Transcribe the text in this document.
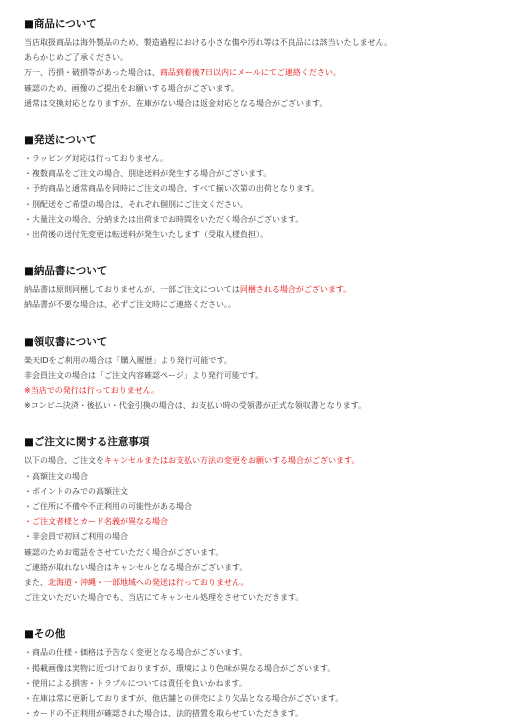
■商品について

当店取扱商品は海外製品のため、製造過程における小さな傷や汚れ等は不良品には該当いたしません。

あらかじめご了承ください。

万一、汚損・破損等があった場合は、商品到着後7日以内にメールにてご連絡ください。

確認のため、画像のご提出をお願いする場合がございます。

通常は交換対応となりますが、在庫がない場合は返金対応となる場合がございます。

■発送について

・ラッピング対応は行っておりません。

・複数商品をご注文の場合、別途送料が発生する場合がございます。

・予約商品と通常商品を同時にご注文の場合、すべて揃い次第の出荷となります。

・別配送をご希望の場合は、それぞれ個別にご注文ください。

・大量注文の場合、分納または出荷までお時間をいただく場合がございます。

・出荷後の送付先変更は転送料が発生いたします（受取人様負担）。

■納品書について

納品書は原則同梱しておりませんが、一部ご注文については同梱される場合がございます。

納品書が不要な場合は、必ずご注文時にご連絡ください。。

■領収書について

楽天IDをご利用の場合は「購入履歴」より発行可能です。

非会員注文の場合は「ご注文内容確認ページ」より発行可能です。

※当店での発行は行っておりません。

※コンビニ決済・後払い・代金引換の場合は、お支払い時の受領書が正式な領収書となります。

■ご注文に関する注意事項

以下の場合、ご注文をキャンセルまたはお支払い方法の変更をお願いする場合がございます。

・高額注文の場合

・ポイントのみでの高額注文

・ご住所に不備や不正利用の可能性がある場合

・ご注文者様とカード名義が異なる場合

・非会員で初回ご利用の場合

確認のためお電話をさせていただく場合がございます。

ご連絡が取れない場合はキャンセルとなる場合がございます。

また、北海道・沖縄・一部地域への発送は行っておりません。

ご注文いただいた場合でも、当店にてキャンセル処理をさせていただきます。

■その他

・商品の仕様・価格は予告なく変更となる場合がございます。

・掲載画像は実物に近づけておりますが、環境により色味が異なる場合がございます。

・使用による損害・トラブルについては責任を負いかねます。

・在庫は常に更新しておりますが、他店舗との併売により欠品となる場合がございます。

・カードの不正利用が確認された場合は、法的措置を取らせていただきます。
